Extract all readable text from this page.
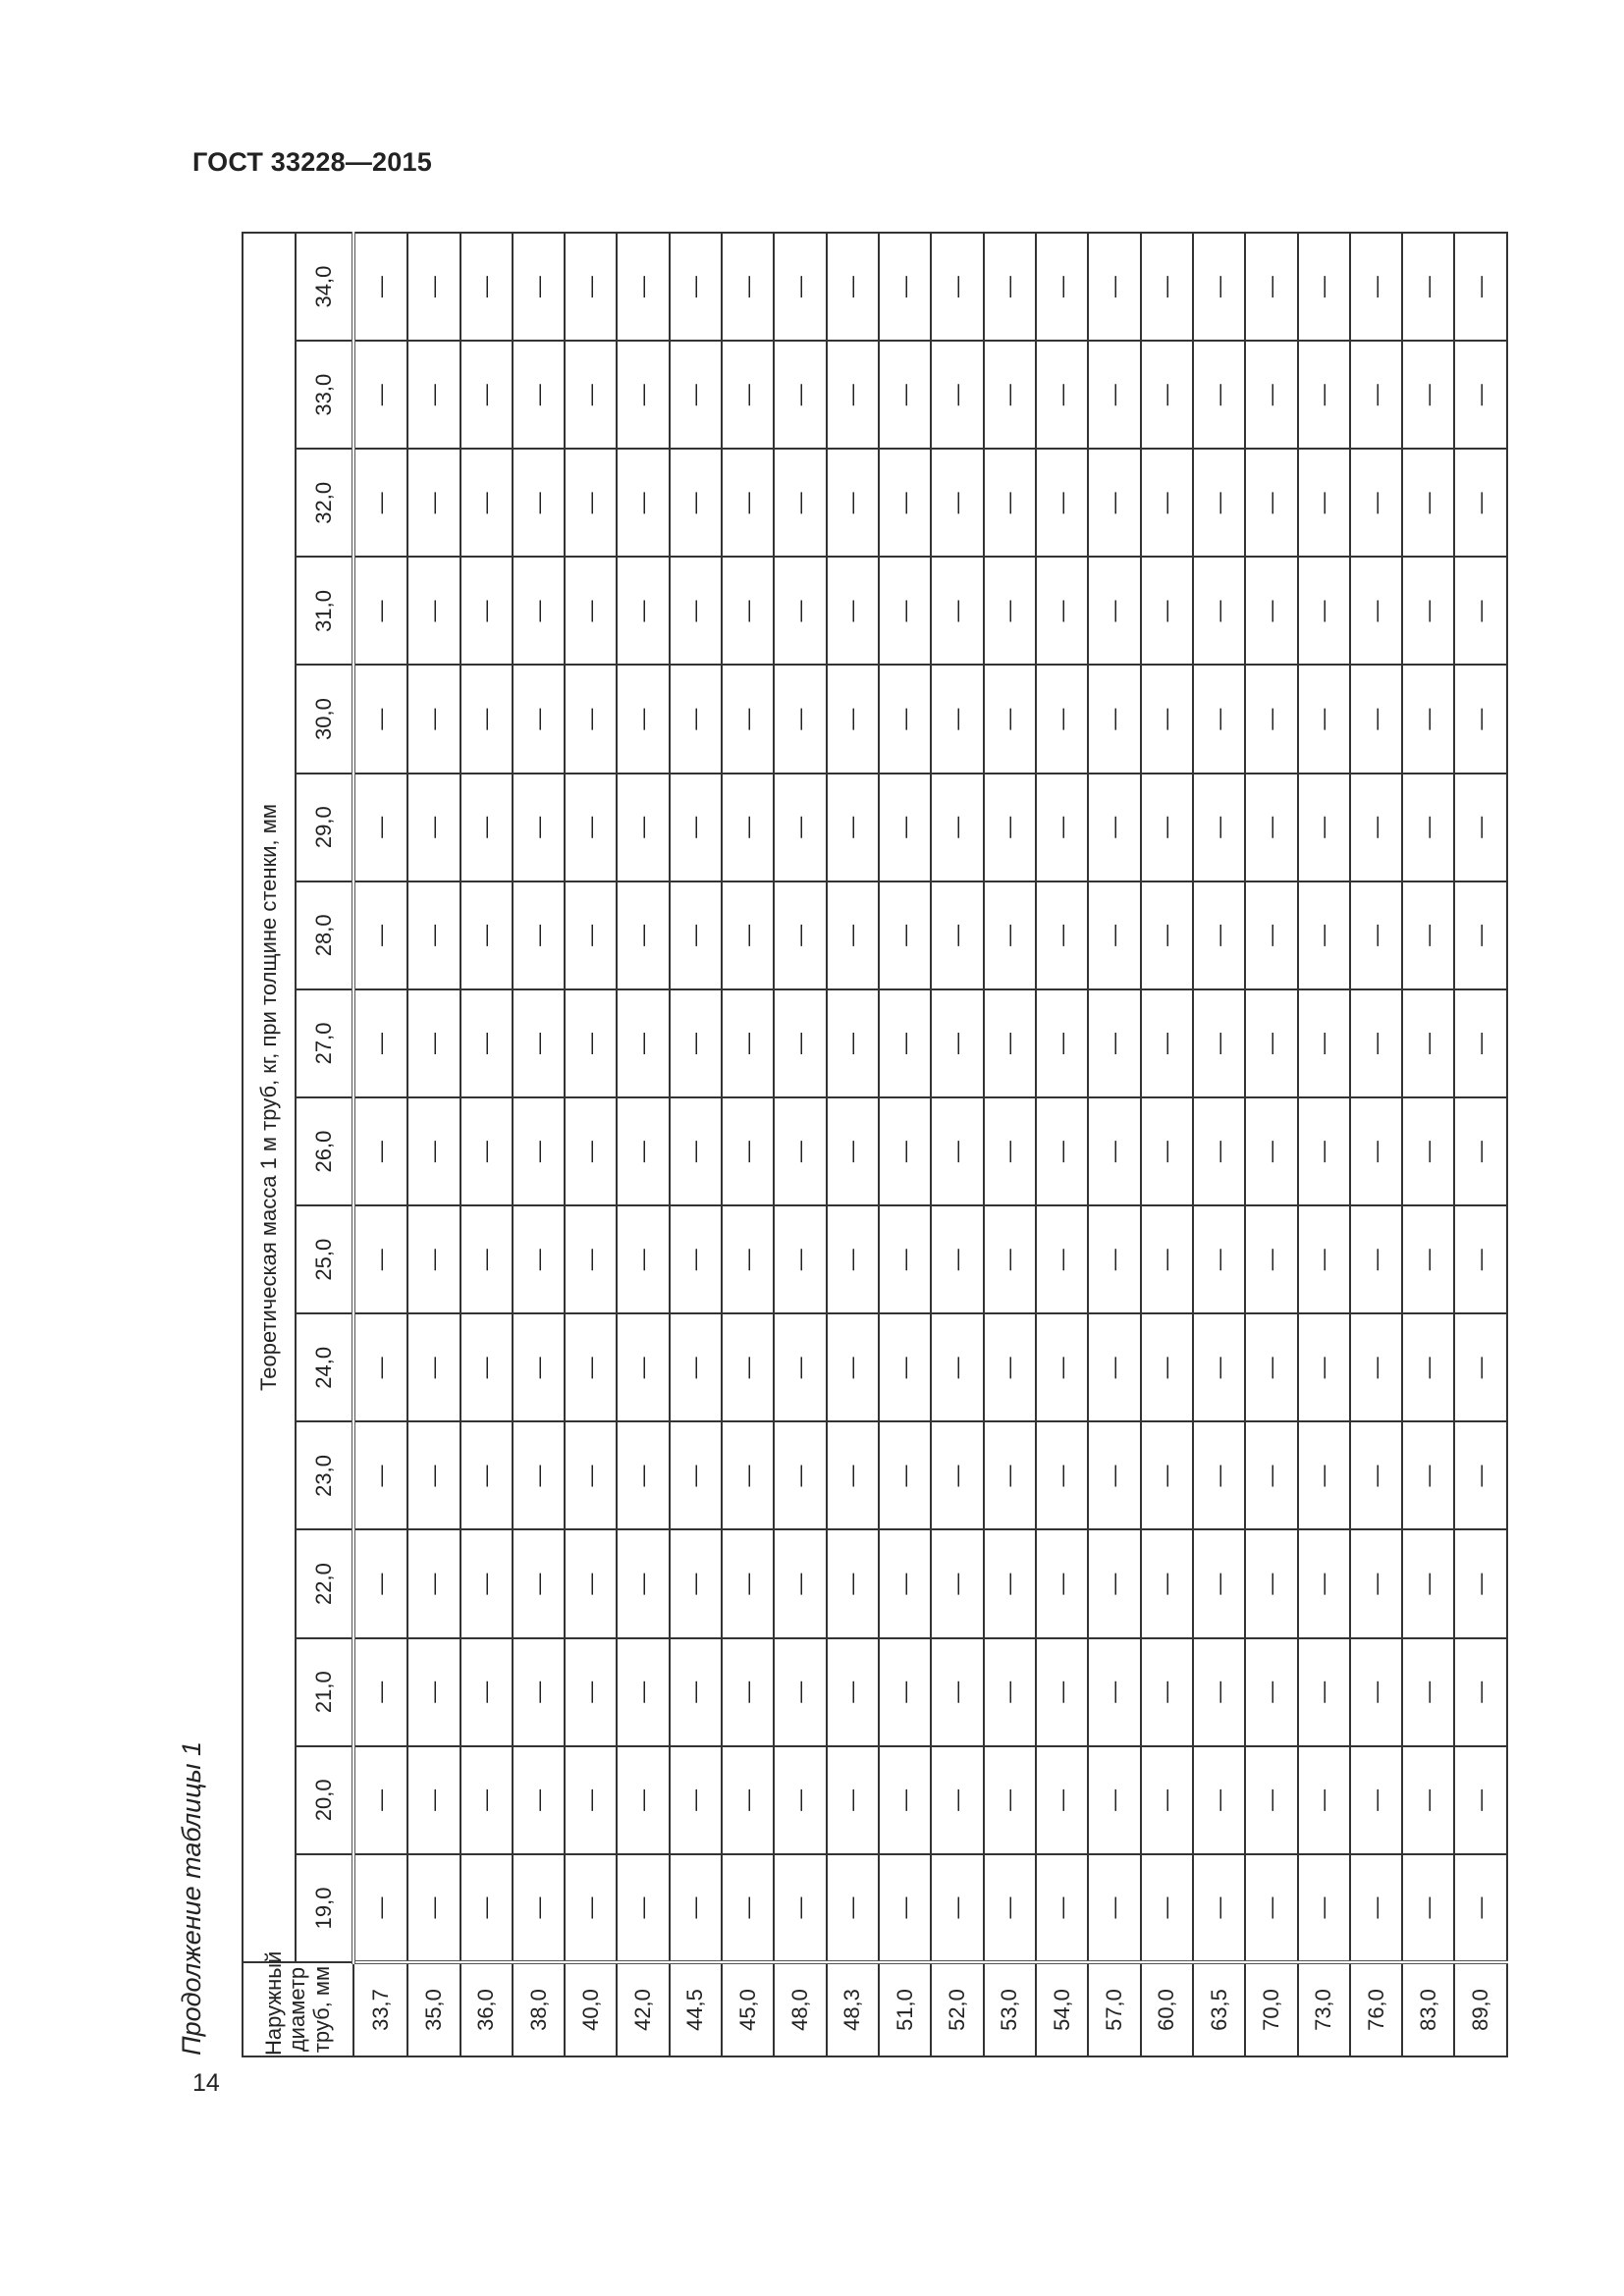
ГОСТ 33228—2015
Продолжение таблицы 1
14
Наружный диаметр труб, мм	Теоретическая масса 1 м труб, кг, при толщине стенки, мм															
	19,0	20,0	21,0	22,0	23,0	24,0	25,0	26,0	27,0	28,0	29,0	30,0	31,0	32,0	33,0	34,0
33,7	—	—	—	—	—	—	—	—	—	—	—	—	—	—	—	—
35,0	—	—	—	—	—	—	—	—	—	—	—	—	—	—	—	—
36,0	—	—	—	—	—	—	—	—	—	—	—	—	—	—	—	—
38,0	—	—	—	—	—	—	—	—	—	—	—	—	—	—	—	—
40,0	—	—	—	—	—	—	—	—	—	—	—	—	—	—	—	—
42,0	—	—	—	—	—	—	—	—	—	—	—	—	—	—	—	—
44,5	—	—	—	—	—	—	—	—	—	—	—	—	—	—	—	—
45,0	—	—	—	—	—	—	—	—	—	—	—	—	—	—	—	—
48,0	—	—	—	—	—	—	—	—	—	—	—	—	—	—	—	—
48,3	—	—	—	—	—	—	—	—	—	—	—	—	—	—	—	—
51,0	—	—	—	—	—	—	—	—	—	—	—	—	—	—	—	—
52,0	—	—	—	—	—	—	—	—	—	—	—	—	—	—	—	—
53,0	—	—	—	—	—	—	—	—	—	—	—	—	—	—	—	—
54,0	—	—	—	—	—	—	—	—	—	—	—	—	—	—	—	—
57,0	—	—	—	—	—	—	—	—	—	—	—	—	—	—	—	—
60,0	—	—	—	—	—	—	—	—	—	—	—	—	—	—	—	—
63,5	—	—	—	—	—	—	—	—	—	—	—	—	—	—	—	—
70,0	—	—	—	—	—	—	—	—	—	—	—	—	—	—	—	—
73,0	—	—	—	—	—	—	—	—	—	—	—	—	—	—	—	—
76,0	—	—	—	—	—	—	—	—	—	—	—	—	—	—	—	—
83,0	—	—	—	—	—	—	—	—	—	—	—	—	—	—	—	—
89,0	—	—	—	—	—	—	—	—	—	—	—	—	—	—	—	—
